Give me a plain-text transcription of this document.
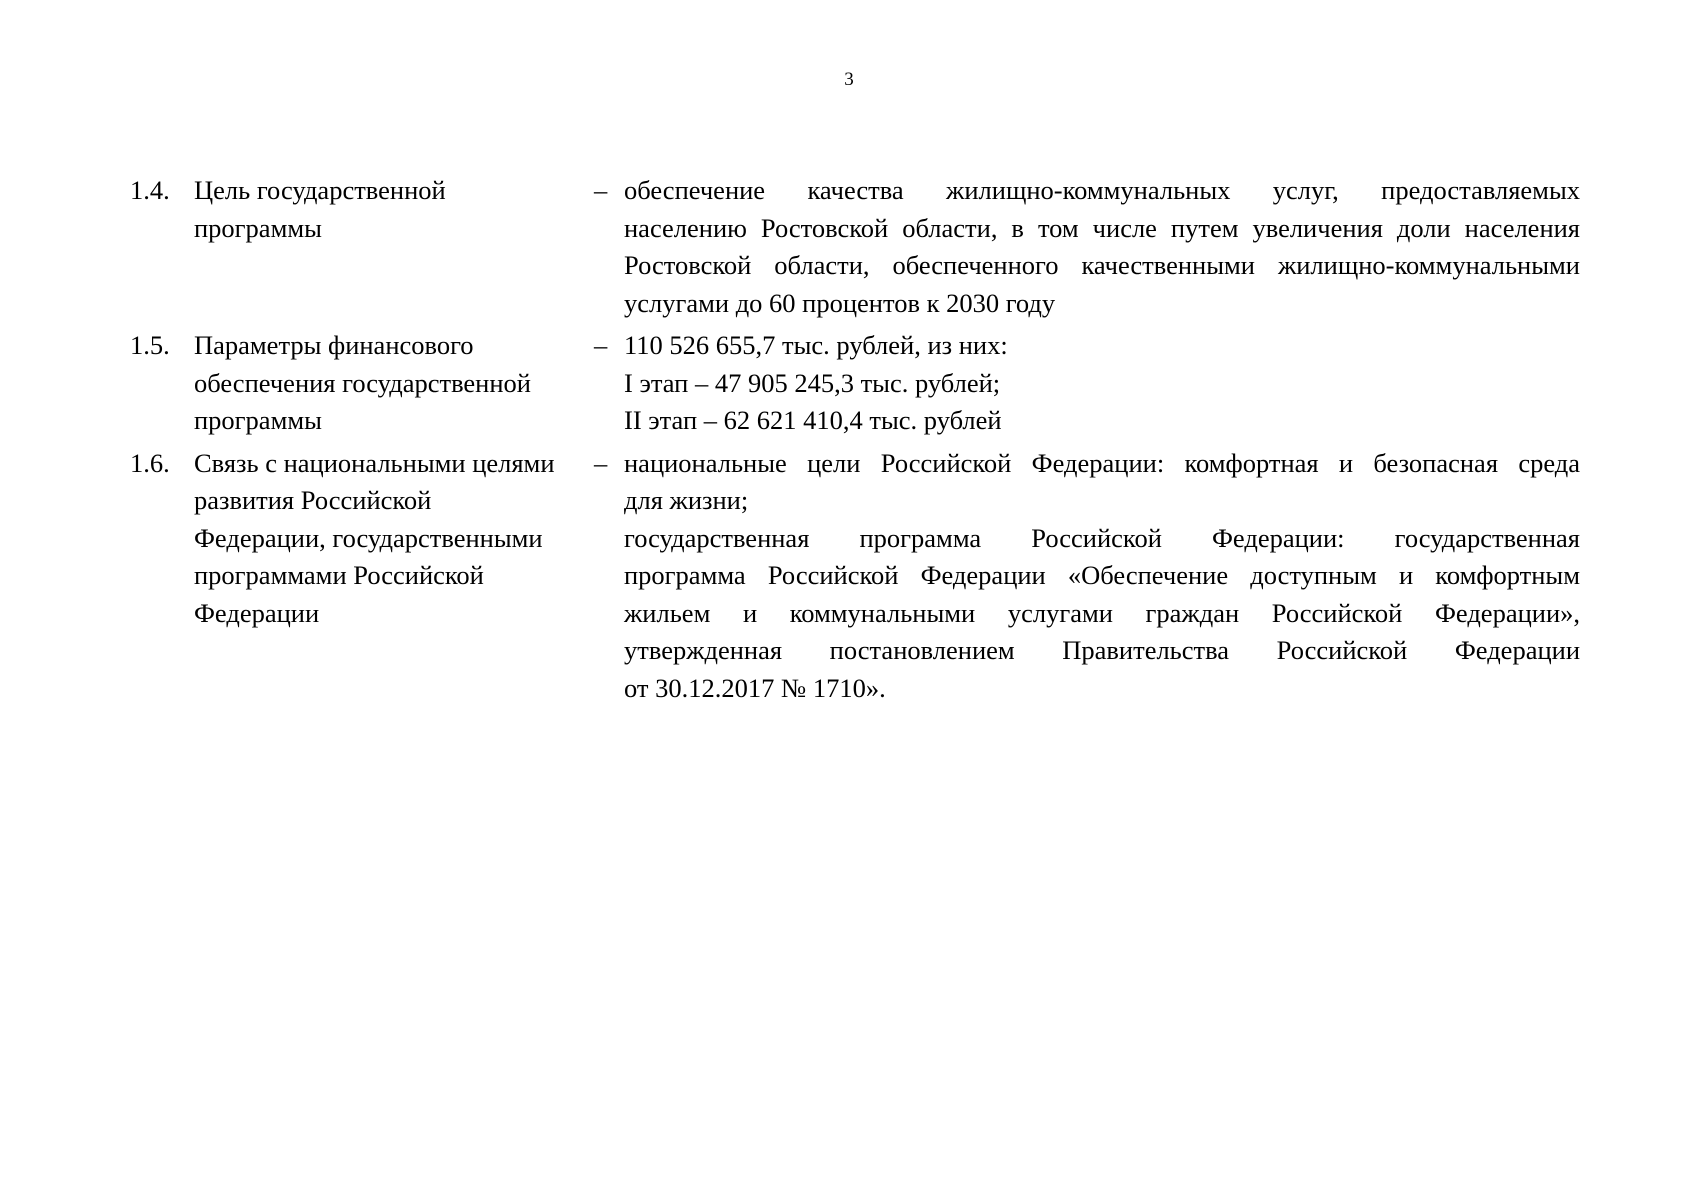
3
1.4. Цель государственной
программы
– обеспечение качества жилищно-коммунальных услуг, предоставляемых
населению Ростовской области, в том числе путем увеличения доли населения
Ростовской области, обеспеченного качественными жилищно-коммунальными
услугами до 60 процентов к 2030 году
1.5. Параметры финансового
обеспечения государственной
программы
– 110 526 655,7 тыс. рублей, из них:
I этап – 47 905 245,3 тыс. рублей;
II этап – 62 621 410,4 тыс. рублей
1.6. Связь с национальными целями
развития Российской
Федерации, государственными
программами Российской
Федерации
– национальные цели Российской Федерации: комфортная и безопасная среда
для жизни;
государственная программа Российской Федерации: государственная
программа Российской Федерации «Обеспечение доступным и комфортным
жильем и коммунальными услугами граждан Российской Федерации»,
утвержденная постановлением Правительства Российской Федерации
от 30.12.2017 № 1710».
